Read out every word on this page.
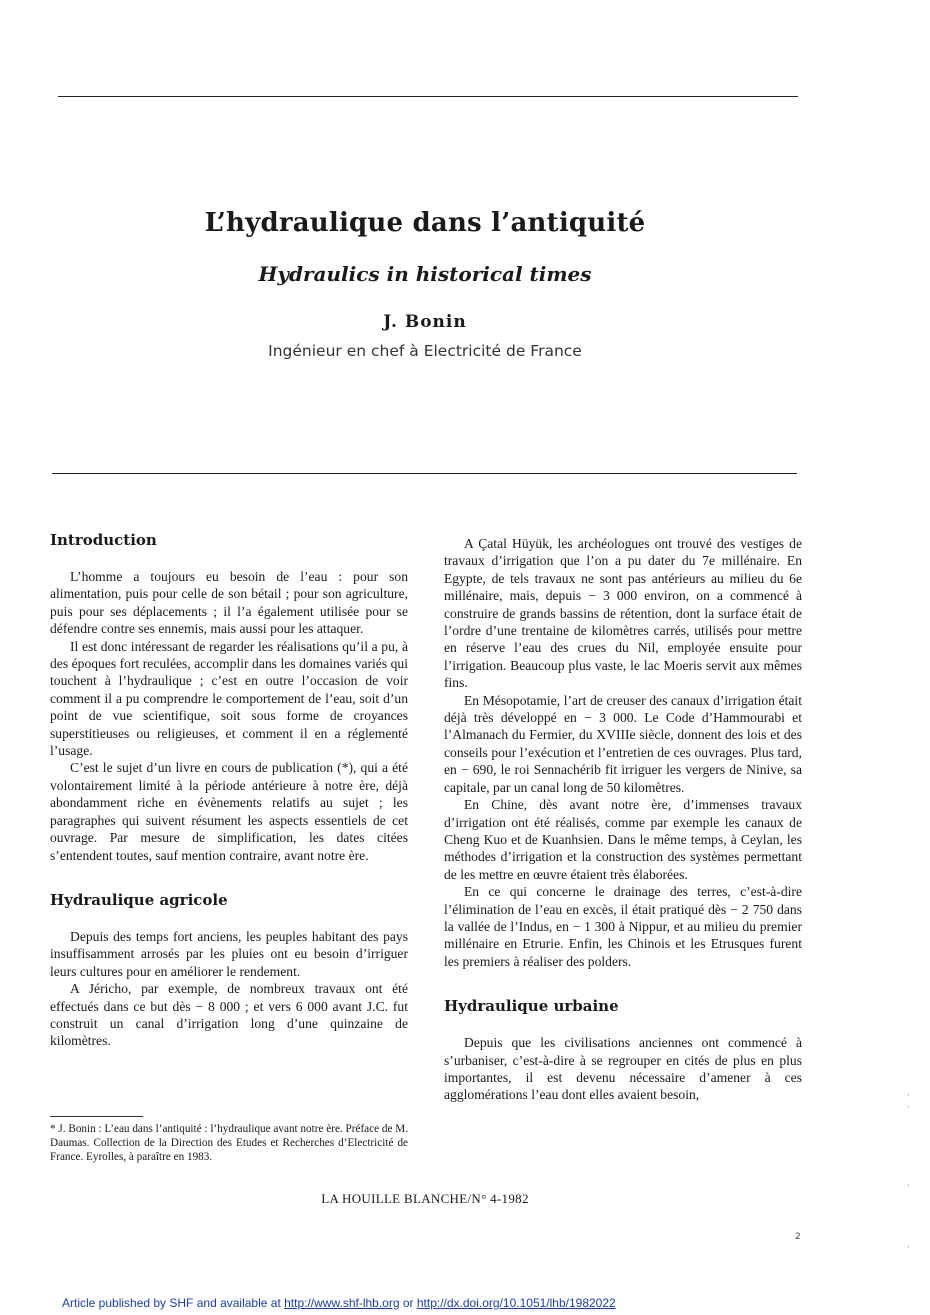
L’hydraulique dans l’antiquité
Hydraulics in historical times
J. Bonin
Ingénieur en chef à Electricité de France
Introduction

L’homme a toujours eu besoin de l’eau : pour son alimentation, puis pour celle de son bétail ; pour son agriculture, puis pour ses déplacements ; il l’a également utilisée pour se défendre contre ses ennemis, mais aussi pour les attaquer.

Il est donc intéressant de regarder les réalisations qu’il a pu, à des époques fort reculées, accomplir dans les domaines variés qui touchent à l’hydraulique ; c’est en outre l’occasion de voir comment il a pu comprendre le comportement de l’eau, soit d’un point de vue scientifique, soit sous forme de croyances superstitieuses ou religieuses, et comment il en a réglementé l’usage.

C’est le sujet d’un livre en cours de publication (*), qui a été volontairement limité à la période antérieure à notre ère, déjà abondamment riche en évènements relatifs au sujet ; les paragraphes qui suivent résument les aspects essentiels de cet ouvrage. Par mesure de simplification, les dates citées s’entendent toutes, sauf mention contraire, avant notre ère.

Hydraulique agricole

Depuis des temps fort anciens, les peuples habitant des pays insuffisamment arrosés par les pluies ont eu besoin d’irriguer leurs cultures pour en améliorer le rendement.

A Jéricho, par exemple, de nombreux travaux ont été effectués dans ce but dès − 8 000 ; et vers 6 000 avant J.C. fut construit un canal d’irrigation long d’une quinzaine de kilomètres.

A Çatal Hüyük, les archéologues ont trouvé des vestiges de travaux d’irrigation que l’on a pu dater du 7e millénaire. En Egypte, de tels travaux ne sont pas antérieurs au milieu du 6e millénaire, mais, depuis − 3 000 environ, on a commencé à construire de grands bassins de rétention, dont la surface était de l’ordre d’une trentaine de kilomètres carrés, utilisés pour mettre en réserve l’eau des crues du Nil, employée ensuite pour l’irrigation. Beaucoup plus vaste, le lac Moeris servit aux mêmes fins.

En Mésopotamie, l’art de creuser des canaux d’irrigation était déjà très développé en − 3 000. Le Code d’Hammourabi et l’Almanach du Fermier, du XVIIIe siècle, donnent des lois et des conseils pour l’exécution et l’entretien de ces ouvrages. Plus tard, en − 690, le roi Sennachérib fit irriguer les vergers de Ninive, sa capitale, par un canal long de 50 kilomètres.

En Chine, dès avant notre ère, d’immenses travaux d’irrigation ont été réalisés, comme par exemple les canaux de Cheng Kuo et de Kuanhsien. Dans le même temps, à Ceylan, les méthodes d’irrigation et la construction des systèmes permettant de les mettre en œuvre étaient très élaborées.

En ce qui concerne le drainage des terres, c’est-à-dire l’élimination de l’eau en excès, il était pratiqué dès − 2 750 dans la vallée de l’Indus, en − 1 300 à Nippur, et au milieu du premier millénaire en Etrurie. Enfin, les Chinois et les Etrusques furent les premiers à réaliser des polders.

Hydraulique urbaine

Depuis que les civilisations anciennes ont commencé à s’urbaniser, c’est-à-dire à se regrouper en cités de plus en plus importantes, il est devenu nécessaire d’amener à ces agglomérations l’eau dont elles avaient besoin,

* J. Bonin : L’eau dans l’antiquité : l’hydraulique avant notre ère. Préface de M. Daumas. Collection de la Direction des Etudes et Recherches d’Electricité de France. Eyrolles, à paraître en 1983.
LA HOUILLE BLANCHE/N° 4-1982
2
Article published by SHF and available at http://www.shf-lhb.org or http://dx.doi.org/10.1051/lhb/1982022
